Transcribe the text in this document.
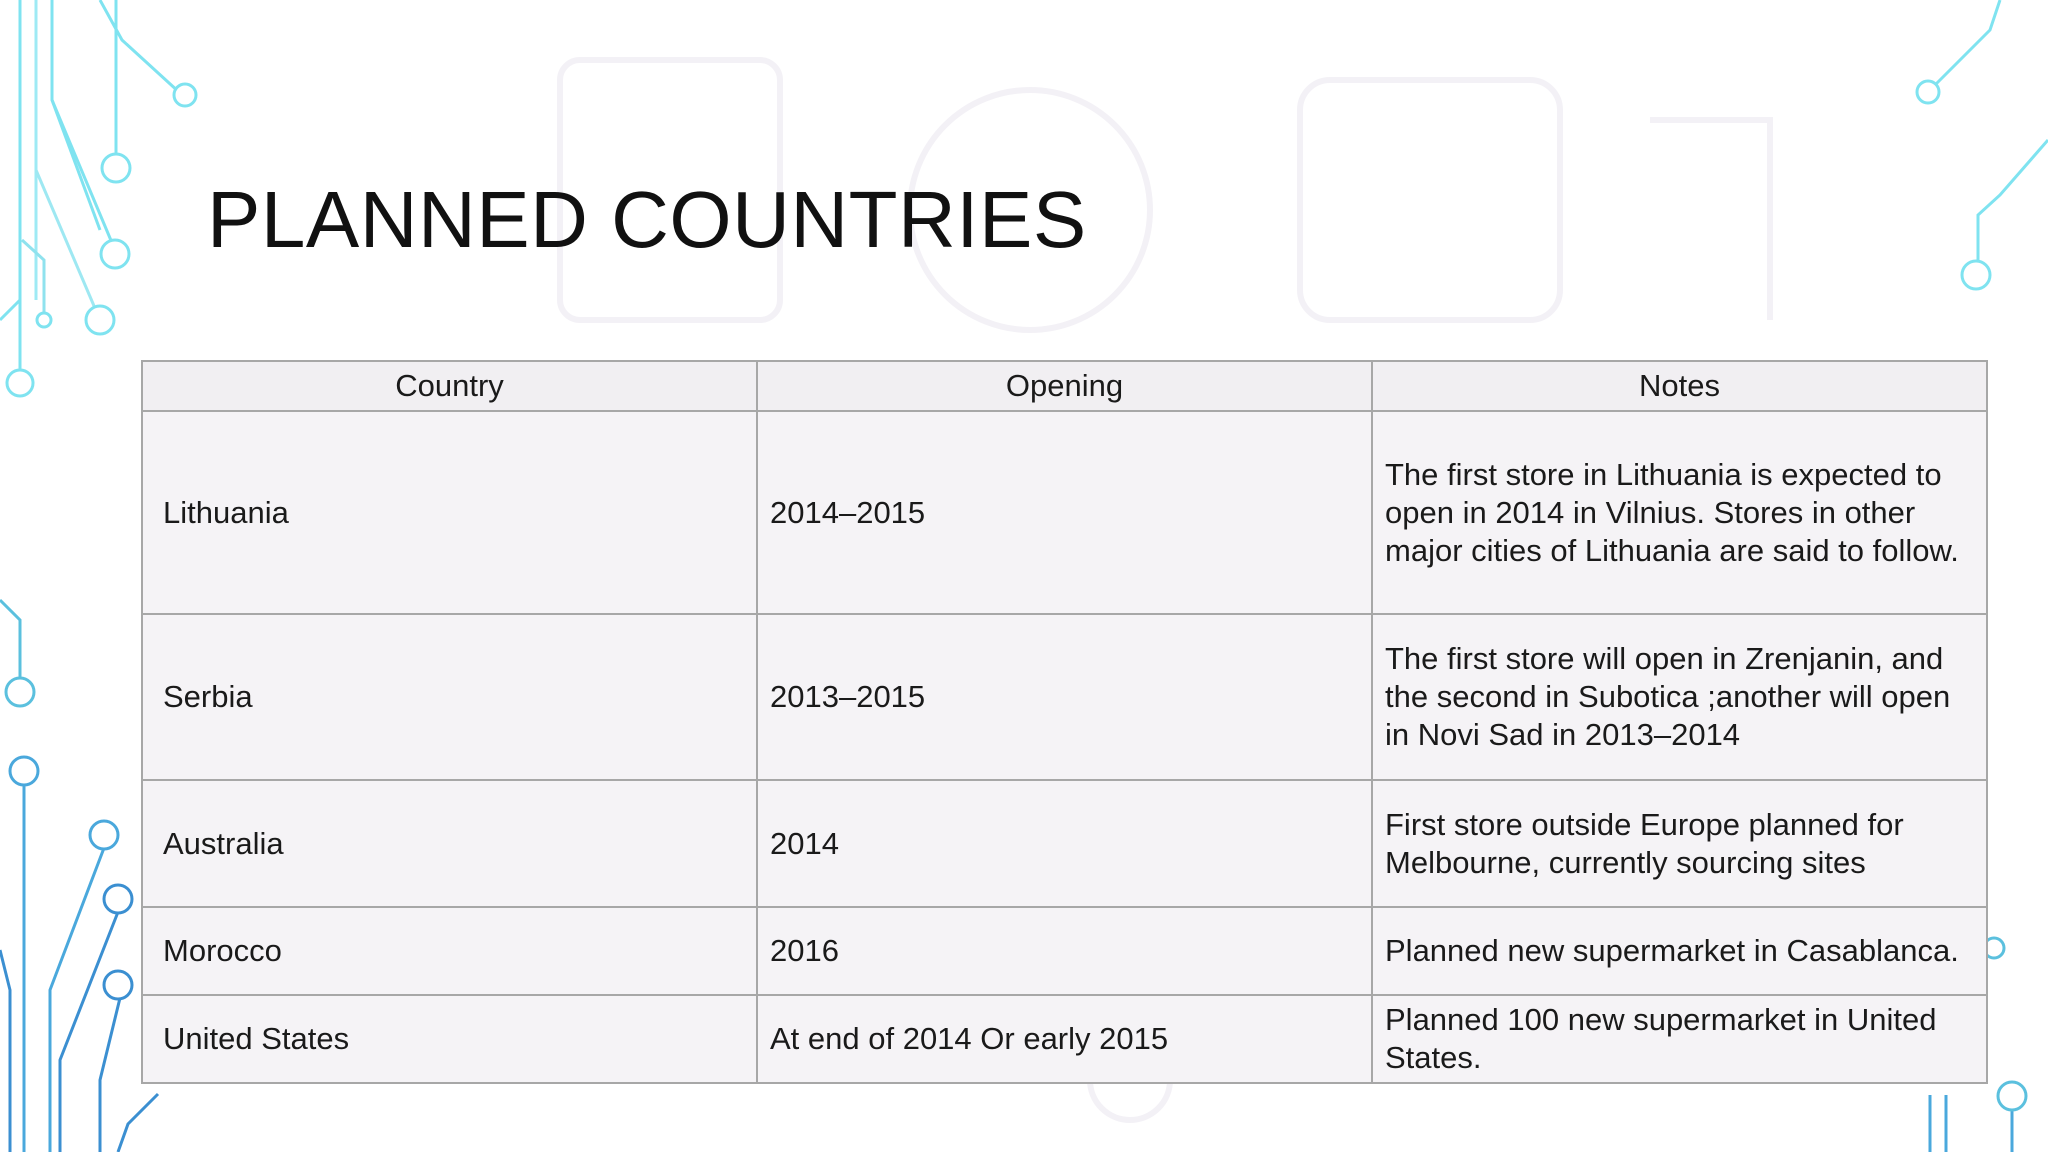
PLANNED COUNTRIES
Country	Opening	Notes
Lithuania	2014–2015	The first store in Lithuania is expected to open in 2014 in Vilnius. Stores in other major cities of Lithuania are said to follow.
Serbia	2013–2015	The first store will open in Zrenjanin, and the second in Subotica ;another will open in Novi Sad in 2013–2014
Australia	2014	First store outside Europe planned for Melbourne, currently sourcing sites
Morocco	2016	Planned new supermarket in Casablanca.
United States	At end of 2014 Or early 2015	Planned 100 new supermarket in United States.
